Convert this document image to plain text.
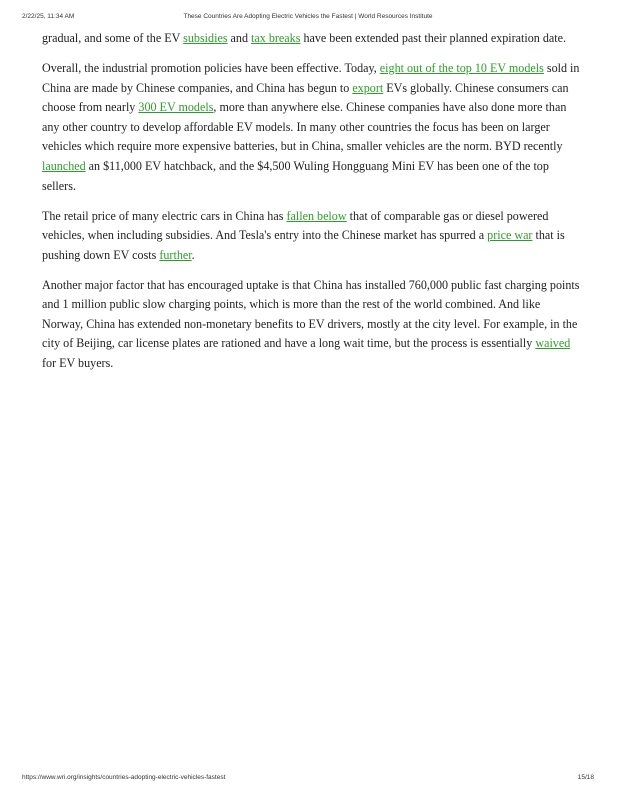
2/22/25, 11:34 AM	These Countries Are Adopting Electric Vehicles the Fastest | World Resources Institute

gradual, and some of the EV subsidies and tax breaks have been extended past their planned expiration date.

Overall, the industrial promotion policies have been effective. Today, eight out of the top 10 EV models sold in China are made by Chinese companies, and China has begun to export EVs globally. Chinese consumers can choose from nearly 300 EV models, more than anywhere else. Chinese companies have also done more than any other country to develop affordable EV models. In many other countries the focus has been on larger vehicles which require more expensive batteries, but in China, smaller vehicles are the norm. BYD recently launched an $11,000 EV hatchback, and the $4,500 Wuling Hongguang Mini EV has been one of the top sellers.

The retail price of many electric cars in China has fallen below that of comparable gas or diesel powered vehicles, when including subsidies. And Tesla's entry into the Chinese market has spurred a price war that is pushing down EV costs further.

Another major factor that has encouraged uptake is that China has installed 760,000 public fast charging points and 1 million public slow charging points, which is more than the rest of the world combined. And like Norway, China has extended non-monetary benefits to EV drivers, mostly at the city level. For example, in the city of Beijing, car license plates are rationed and have a long wait time, but the process is essentially waived for EV buyers.

https://www.wri.org/insights/countries-adopting-electric-vehicles-fastest	15/18
